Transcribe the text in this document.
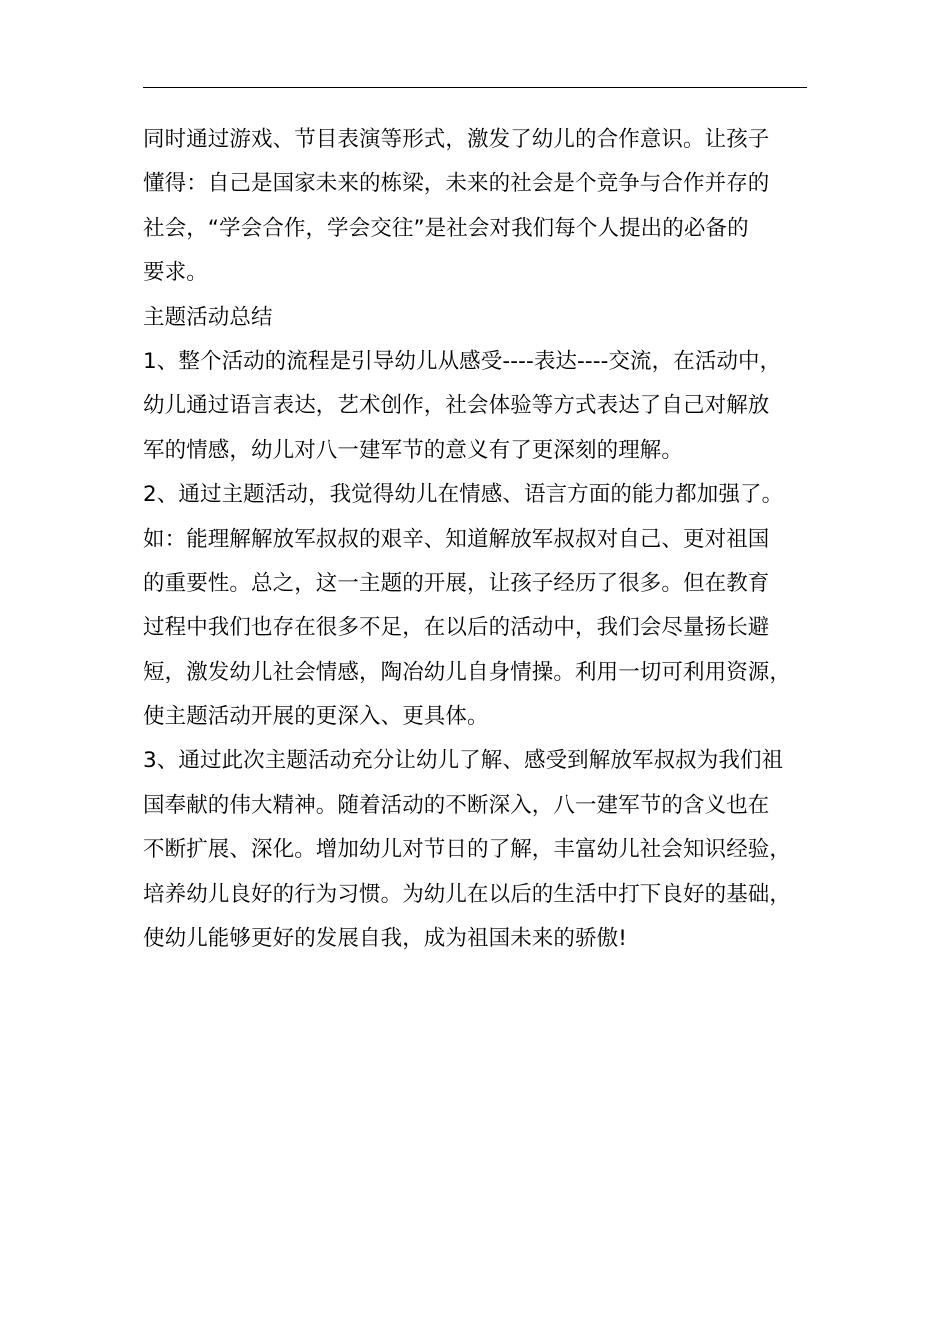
同时通过游戏、节目表演等形式，激发了幼儿的合作意识。让孩子
懂得：自己是国家未来的栋梁，未来的社会是个竞争与合作并存的
社会，“学会合作，学会交往”是社会对我们每个人提出的必备的
要求。
主题活动总结
1、整个活动的流程是引导幼儿从感受----表达----交流，在活动中，
幼儿通过语言表达，艺术创作，社会体验等方式表达了自己对解放
军的情感，幼儿对八一建军节的意义有了更深刻的理解。
2、通过主题活动，我觉得幼儿在情感、语言方面的能力都加强了。
如：能理解解放军叔叔的艰辛、知道解放军叔叔对自己、更对祖国
的重要性。总之，这一主题的开展，让孩子经历了很多。但在教育
过程中我们也存在很多不足，在以后的活动中，我们会尽量扬长避
短，激发幼儿社会情感，陶冶幼儿自身情操。利用一切可利用资源，
使主题活动开展的更深入、更具体。
3、通过此次主题活动充分让幼儿了解、感受到解放军叔叔为我们祖
国奉献的伟大精神。随着活动的不断深入，八一建军节的含义也在
不断扩展、深化。增加幼儿对节日的了解，丰富幼儿社会知识经验，
培养幼儿良好的行为习惯。为幼儿在以后的生活中打下良好的基础，
使幼儿能够更好的发展自我，成为祖国未来的骄傲!
